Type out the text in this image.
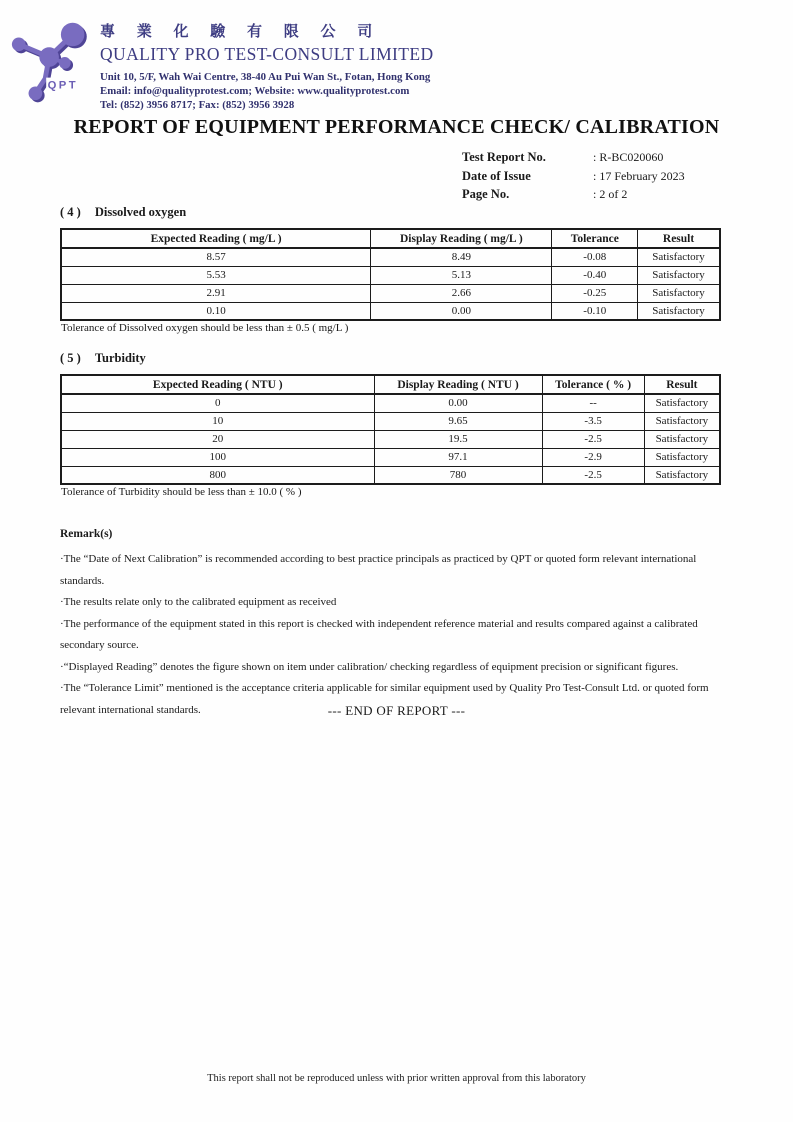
QPT
專 業 化 驗 有 限 公 司
QUALITY PRO TEST-CONSULT LIMITED
Unit 10, 5/F, Wah Wai Centre, 38-40 Au Pui Wan St., Fotan, Hong Kong
Email: info@qualityprotest.com; Website: www.qualityprotest.com
Tel: (852) 3956 8717; Fax: (852) 3956 3928
REPORT OF EQUIPMENT PERFORMANCE CHECK/ CALIBRATION
Test Report No.	: R-BC020060
Date of Issue	: 17 February 2023
Page No.	: 2 of 2
( 4 ) Dissolved oxygen
Expected Reading ( mg/L )	Display Reading ( mg/L )	Tolerance	Result
8.57	8.49	-0.08	Satisfactory
5.53	5.13	-0.40	Satisfactory
2.91	2.66	-0.25	Satisfactory
0.10	0.00	-0.10	Satisfactory
Tolerance of Dissolved oxygen should be less than ± 0.5 ( mg/L )
( 5 ) Turbidity
Expected Reading ( NTU )	Display Reading ( NTU )	Tolerance ( % )	Result
0	0.00	--	Satisfactory
10	9.65	-3.5	Satisfactory
20	19.5	-2.5	Satisfactory
100	97.1	-2.9	Satisfactory
800	780	-2.5	Satisfactory
Tolerance of Turbidity should be less than ± 10.0 ( % )
Remark(s)
·The “Date of Next Calibration” is recommended according to best practice principals as practiced by QPT or quoted form relevant international standards.
·The results relate only to the calibrated equipment as received
·The performance of the equipment stated in this report is checked with independent reference material and results compared against a calibrated secondary source.
·“Displayed Reading” denotes the figure shown on item under calibration/ checking regardless of equipment precision or significant figures.
·The “Tolerance Limit” mentioned is the acceptance criteria applicable for similar equipment used by Quality Pro Test-Consult Ltd. or quoted form relevant international standards.	--- END OF REPORT ---
This report shall not be reproduced unless with prior written approval from this laboratory
